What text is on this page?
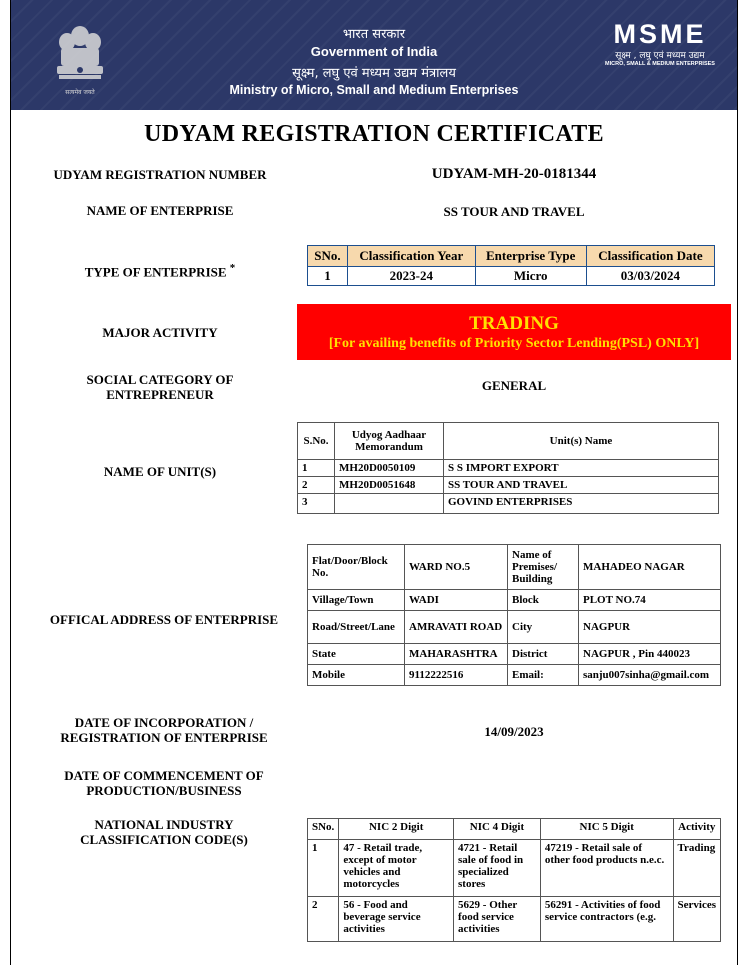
सत्यमेव जयते
भारत सरकार
Government of India
सूक्ष्म, लघु एवं मध्यम उद्यम मंत्रालय
Ministry of Micro, Small and Medium Enterprises
MSME
सूक्ष्म , लघु एवं मध्यम उद्यम
MICRO, SMALL & MEDIUM ENTERPRISES
UDYAM REGISTRATION CERTIFICATE
UDYAM REGISTRATION NUMBER	UDYAM-MH-20-0181344
NAME OF ENTERPRISE	SS TOUR AND TRAVEL
TYPE OF ENTERPRISE *
SNo.	Classification Year	Enterprise Type	Classification Date
1	2023-24	Micro	03/03/2024
MAJOR ACTIVITY	TRADING
[For availing benefits of Priority Sector Lending(PSL) ONLY]
SOCIAL CATEGORY OF
ENTREPRENEUR
GENERAL
NAME OF UNIT(S)
S.No.	Udyog Aadhaar Memorandum	Unit(s) Name
1	MH20D0050109	S S IMPORT EXPORT
2	MH20D0051648	SS TOUR AND TRAVEL
3		GOVIND ENTERPRISES
OFFICAL ADDRESS OF ENTERPRISE
Flat/Door/Block No.	WARD NO.5	Name of Premises/ Building	MAHADEO NAGAR
Village/Town	WADI	Block	PLOT NO.74
Road/Street/Lane	AMRAVATI ROAD	City	NAGPUR
State	MAHARASHTRA	District	NAGPUR , Pin 440023
Mobile	9112222516	Email:	sanju007sinha@gmail.com
DATE OF INCORPORATION /
REGISTRATION OF ENTERPRISE	14/09/2023
DATE OF COMMENCEMENT OF
PRODUCTION/BUSINESS
NATIONAL INDUSTRY
CLASSIFICATION CODE(S)
SNo.	NIC 2 Digit	NIC 4 Digit	NIC 5 Digit	Activity
1	47 - Retail trade, except of motor vehicles and motorcycles	4721 - Retail sale of food in specialized stores	47219 - Retail sale of other food products n.e.c.	Trading
2	56 - Food and beverage service activities	5629 - Other food service activities	56291 - Activities of food service contractors (e.g.	Services
